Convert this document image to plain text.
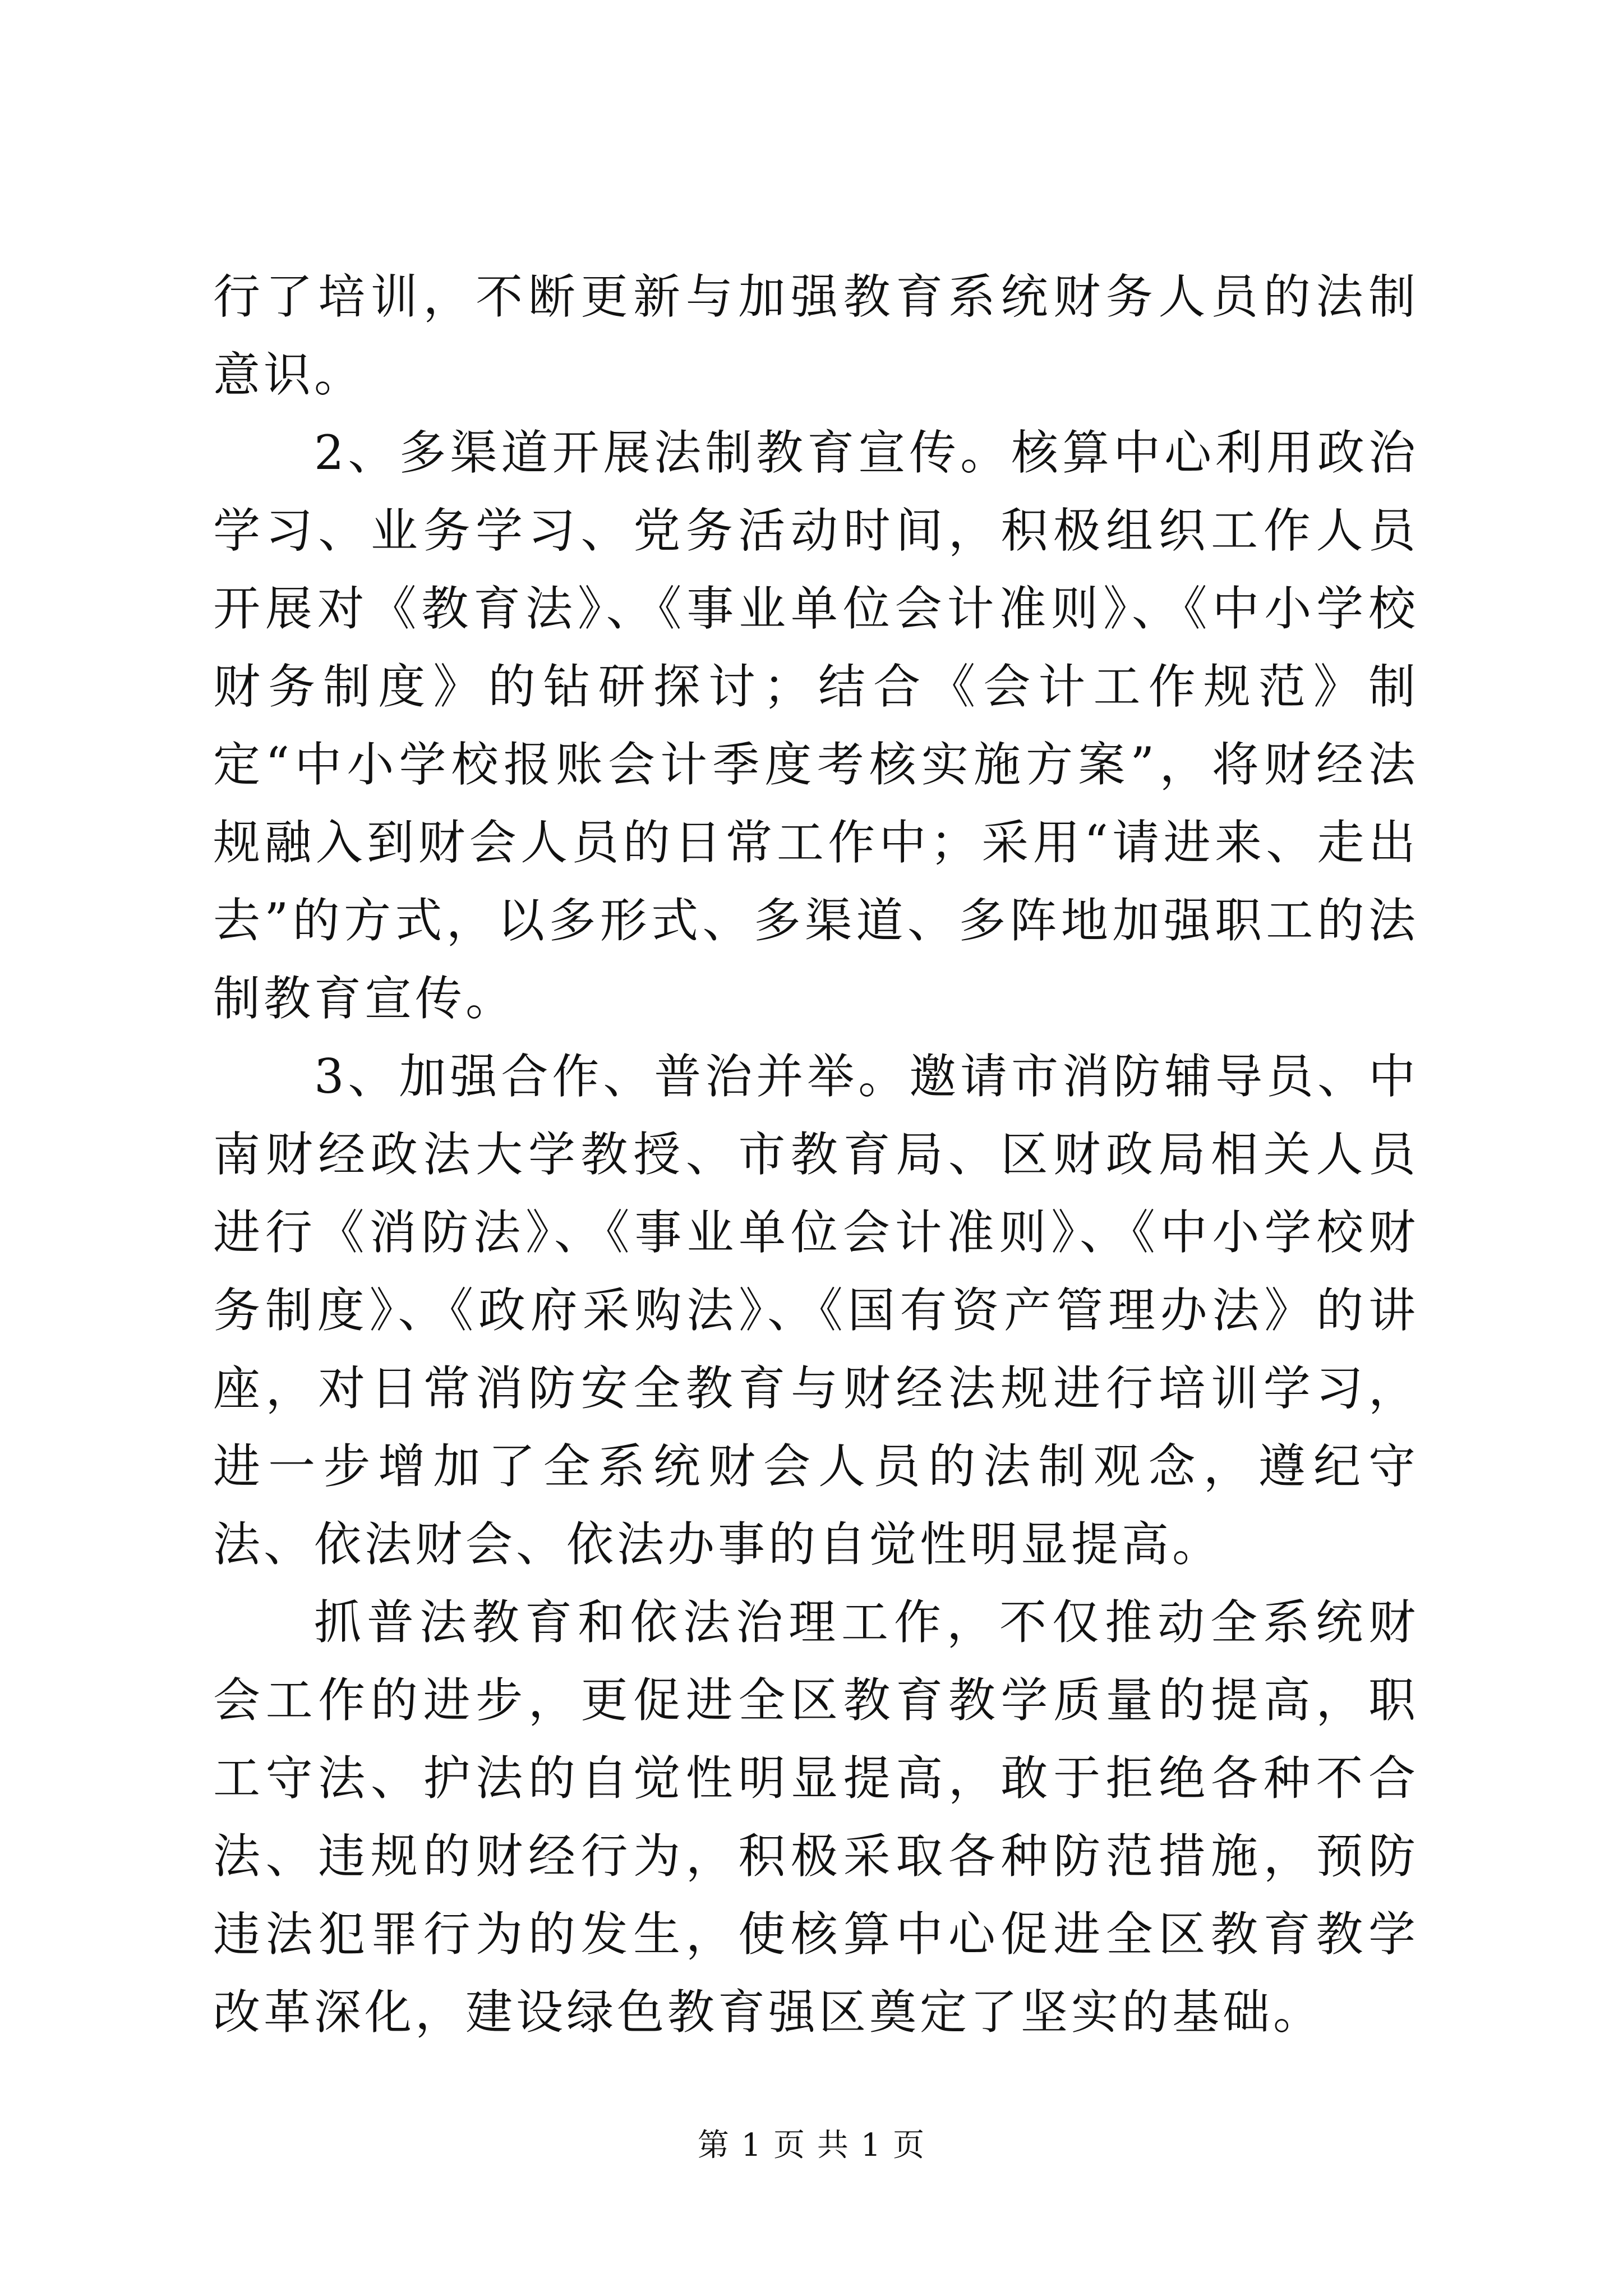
行了培训，不断更新与加强教育系统财务人员的法制意识。

2、多渠道开展法制教育宣传。核算中心利用政治学习、业务学习、党务活动时间，积极组织工作人员开展对《教育法》、《事业单位会计准则》、《中小学校财务制度》的钻研探讨；结合《会计工作规范》制定“中小学校报账会计季度考核实施方案”，将财经法规融入到财会人员的日常工作中；采用“请进来、走出去”的方式，以多形式、多渠道、多阵地加强职工的法制教育宣传。

3、加强合作、普治并举。邀请市消防辅导员、中南财经政法大学教授、市教育局、区财政局相关人员进行《消防法》、《事业单位会计准则》、《中小学校财务制度》、《政府采购法》、《国有资产管理办法》的讲座，对日常消防安全教育与财经法规进行培训学习，进一步增加了全系统财会人员的法制观念，遵纪守法、依法财会、依法办事的自觉性明显提高。

抓普法教育和依法治理工作，不仅推动全系统财会工作的进步，更促进全区教育教学质量的提高，职工守法、护法的自觉性明显提高，敢于拒绝各种不合法、违规的财经行为，积极采取各种防范措施，预防违法犯罪行为的发生，使核算中心促进全区教育教学改革深化，建设绿色教育强区奠定了坚实的基础。

第 1 页 共 1 页
